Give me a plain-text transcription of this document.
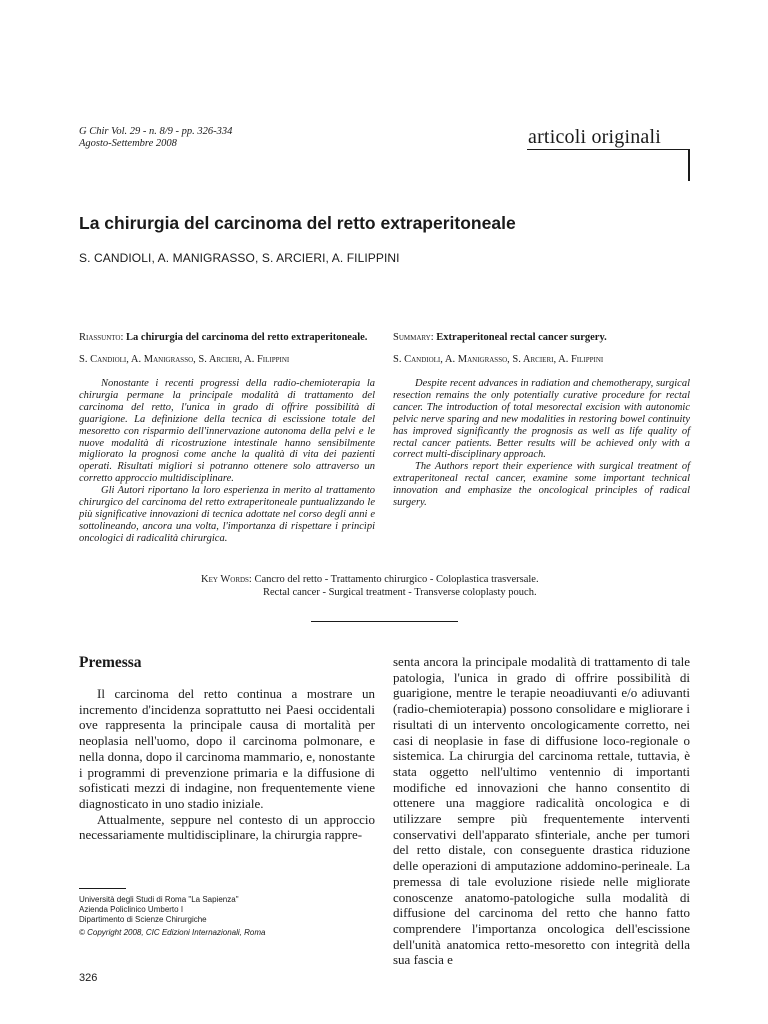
G Chir Vol. 29 - n. 8/9 - pp. 326-334
Agosto-Settembre 2008	articoli originali
La chirurgia del carcinoma del retto extraperitoneale
S. CANDIOLI, A. MANIGRASSO, S. ARCIERI, A. FILIPPINI
Riassunto: La chirurgia del carcinoma del retto extraperitoneale.
S. Candioli, A. Manigrasso, S. Arcieri, A. Filippini

Nonostante i recenti progressi della radio-chemioterapia la chirurgia permane la principale modalità di trattamento del carcinoma del retto, l'unica in grado di offrire possibilità di guarigione. La definizione della tecnica di escissione totale del mesoretto con risparmio dell'innervazione autonoma della pelvi e le nuove modalità di ricostruzione intestinale hanno sensibilmente migliorato la prognosi come anche la qualità di vita dei pazienti operati. Risultati migliori si potranno ottenere solo attraverso un corretto approccio multidisciplinare.

Gli Autori riportano la loro esperienza in merito al trattamento chirurgico del carcinoma del retto extraperitoneale puntualizzando le più significative innovazioni di tecnica adottate nel corso degli anni e sottolineando, ancora una volta, l'importanza di rispettare i princìpi oncologici di radicalità chirurgica.

Summary: Extraperitoneal rectal cancer surgery.
S. Candioli, A. Manigrasso, S. Arcieri, A. Filippini

Despite recent advances in radiation and chemotherapy, surgical resection remains the only potentially curative procedure for rectal cancer. The introduction of total mesorectal excision with autonomic pelvic nerve sparing and new modalities in restoring bowel continuity has improved significantly the prognosis as well as life quality of rectal cancer patients. Better results will be achieved only with a correct multi-disciplinary approach.

The Authors report their experience with surgical treatment of extraperitoneal rectal cancer, examine some important technical innovation and emphasize the oncological principles of radical surgery.

Key Words: Cancro del retto - Trattamento chirurgico - Coloplastica trasversale.
Rectal cancer - Surgical treatment - Transverse coloplasty pouch.
Premessa

Il carcinoma del retto continua a mostrare un incremento d'incidenza soprattutto nei Paesi occidentali ove rappresenta la principale causa di mortalità per neoplasia nell'uomo, dopo il carcinoma polmonare, e nella donna, dopo il carcinoma mammario, e, nonostante i programmi di prevenzione primaria e la diffusione di sofisticati mezzi di indagine, non frequentemente viene diagnosticato in uno stadio iniziale.

Attualmente, seppure nel contesto di un approccio necessariamente multidisciplinare, la chirurgia rappre-

senta ancora la principale modalità di trattamento di tale patologia, l'unica in grado di offrire possibilità di guarigione, mentre le terapie neoadiuvanti e/o adiuvanti (radio-chemioterapia) possono consolidare e migliorare i risultati di un intervento oncologicamente corretto, nei casi di neoplasie in fase di diffusione loco-regionale o sistemica. La chirurgia del carcinoma rettale, tuttavia, è stata oggetto nell'ultimo ventennio di importanti modifiche ed innovazioni che hanno consentito di ottenere una maggiore radicalità oncologica e di utilizzare sempre più frequentemente interventi conservativi dell'apparato sfinteriale, anche per tumori del retto distale, con conseguente drastica riduzione delle operazioni di amputazione addomino-perineale. La premessa di tale evoluzione risiede nelle migliorate conoscenze anatomo-patologiche sulla modalità di diffusione del carcinoma del retto che hanno fatto comprendere l'importanza oncologica dell'escissione dell'unità anatomica retto-mesoretto con integrità della sua fascia e

Università degli Studi di Roma "La Sapienza"
Azienda Policlinico Umberto I
Dipartimento di Scienze Chirurgiche
© Copyright 2008, CIC Edizioni Internazionali, Roma
326
